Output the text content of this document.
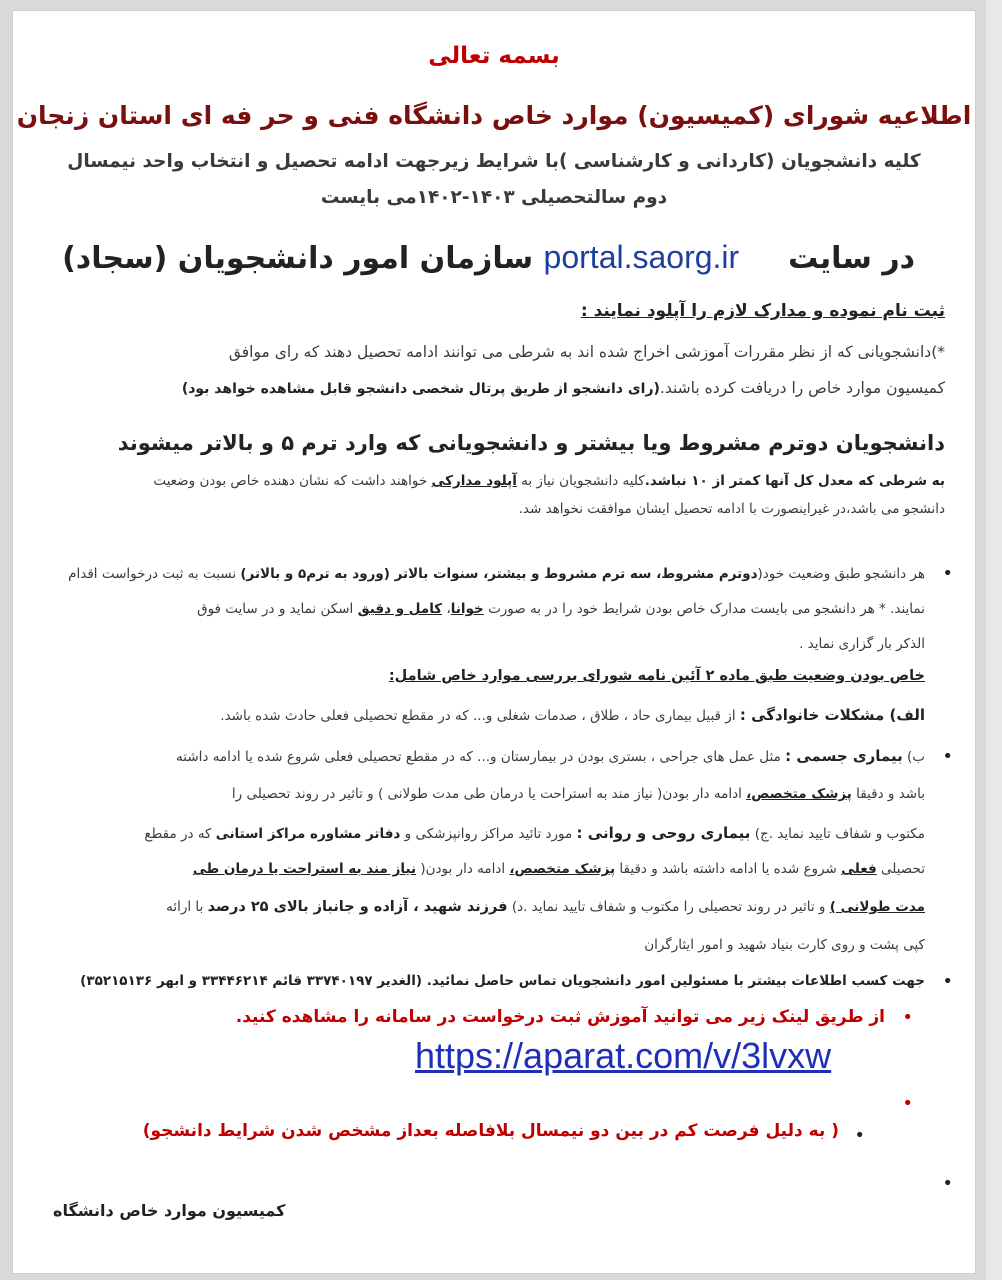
بسمه تعالی
اطلاعیه شورای (کمیسیون) موارد خاص دانشگاه فنی و حر فه ای استان زنجان
کلیه دانشجویان (کاردانی و کارشناسی )با شرایط زیرجهت ادامه تحصیل و انتخاب واحد نیمسال
دوم سالتحصیلی ۱۴۰۳-۱۴۰۲می بایست
در سایت  portal.saorg.ir سازمان امور دانشجویان (سجاد)
ثبت نام نموده و مدارک لازم را آپلود نمایند :
*)دانشجویانی که از نظر مقررات آموزشی اخراج شده اند به شرطی می توانند ادامه تحصیل دهند که رای موافق
کمیسیون موارد خاص را دریافت کرده باشند.(رای دانشجو از طریق پرتال شخصی دانشجو قابل مشاهده خواهد بود)
دانشجویان دوترم مشروط ویا بیشتر و دانشجویانی که وارد ترم ۵ و بالاتر میشوند
به شرطی که معدل کل آنها کمتر از ۱۰ نباشد.کلیه دانشجویان نیاز به آپلود مدارکی خواهند داشت که نشان دهنده خاص بودن وضعیت
دانشجو می باشد،در غیراینصورت با ادامه تحصیل ایشان موافقت نخواهد شد.
•
هر دانشجو طبق وضعیت خود(دوترم مشروط، سه ترم مشروط و بیشتر، سنوات بالاتر (ورود به ترم۵ و بالاتر) نسبت به ثبت درخواست اقدام
نمایند. * هر دانشجو می بایست مدارک خاص بودن شرایط خود را در به صورت خوانا، کامل و دقیق اسکن نماید و در سایت فوق
الذکر بار گزاری نماید .
خاص بودن وضعیت طبق ماده ۲ آئین نامه شورای بررسی موارد خاص شامل:
الف) مشکلات خانوادگی : از قبیل بیماری حاد ، طلاق ، صدمات شغلی و... که در مقطع تحصیلی فعلی حادث شده باشد.
•
ب) بیماری جسمی : مثل عمل های جراحی ، بستری بودن در بیمارستان و... که در مقطع تحصیلی فعلی شروع شده یا ادامه داشته
باشد و دقیقا پزشک متخصص، ادامه دار بودن( نیاز مند به استراحت یا درمان طی مدت طولانی ) و تاثیر در روند تحصیلی را
مکتوب و شفاف تایید نماید .ج) بیماری روحی و روانی : مورد تائید مراکز روانپزشکی و دفاتر مشاوره مراکز استانی که در مقطع
تحصیلی فعلی شروع شده یا ادامه داشته باشد و دقیقا پزشک متخصص، ادامه دار بودن( نیاز مند به استراحت یا درمان طی
مدت طولانی ) و تاثیر در روند تحصیلی را مکتوب و شفاف تایید نماید .د) فرزند شهید ، آزاده و جانباز بالای ۲۵ درصد با ارائه
کپی پشت و روی کارت بنیاد شهید و امور ایثارگران
•
جهت کسب اطلاعات بیشتر با مسئولین امور دانشجویان تماس حاصل نمائید. (الغدیر ۳۳۷۴۰۱۹۷ قائم ۳۳۴۴۶۲۱۴ و ابهر ۳۵۲۱۵۱۳۶)
•
از طریق لینک زیر می توانید آموزش ثبت درخواست در سامانه را مشاهده کنید.
https://aparat.com/v/3lvxw
•
•
( به دلیل فرصت کم در بین دو نیمسال بلافاصله بعداز مشخص شدن شرایط دانشجو)
•
کمیسیون موارد خاص دانشگاه
